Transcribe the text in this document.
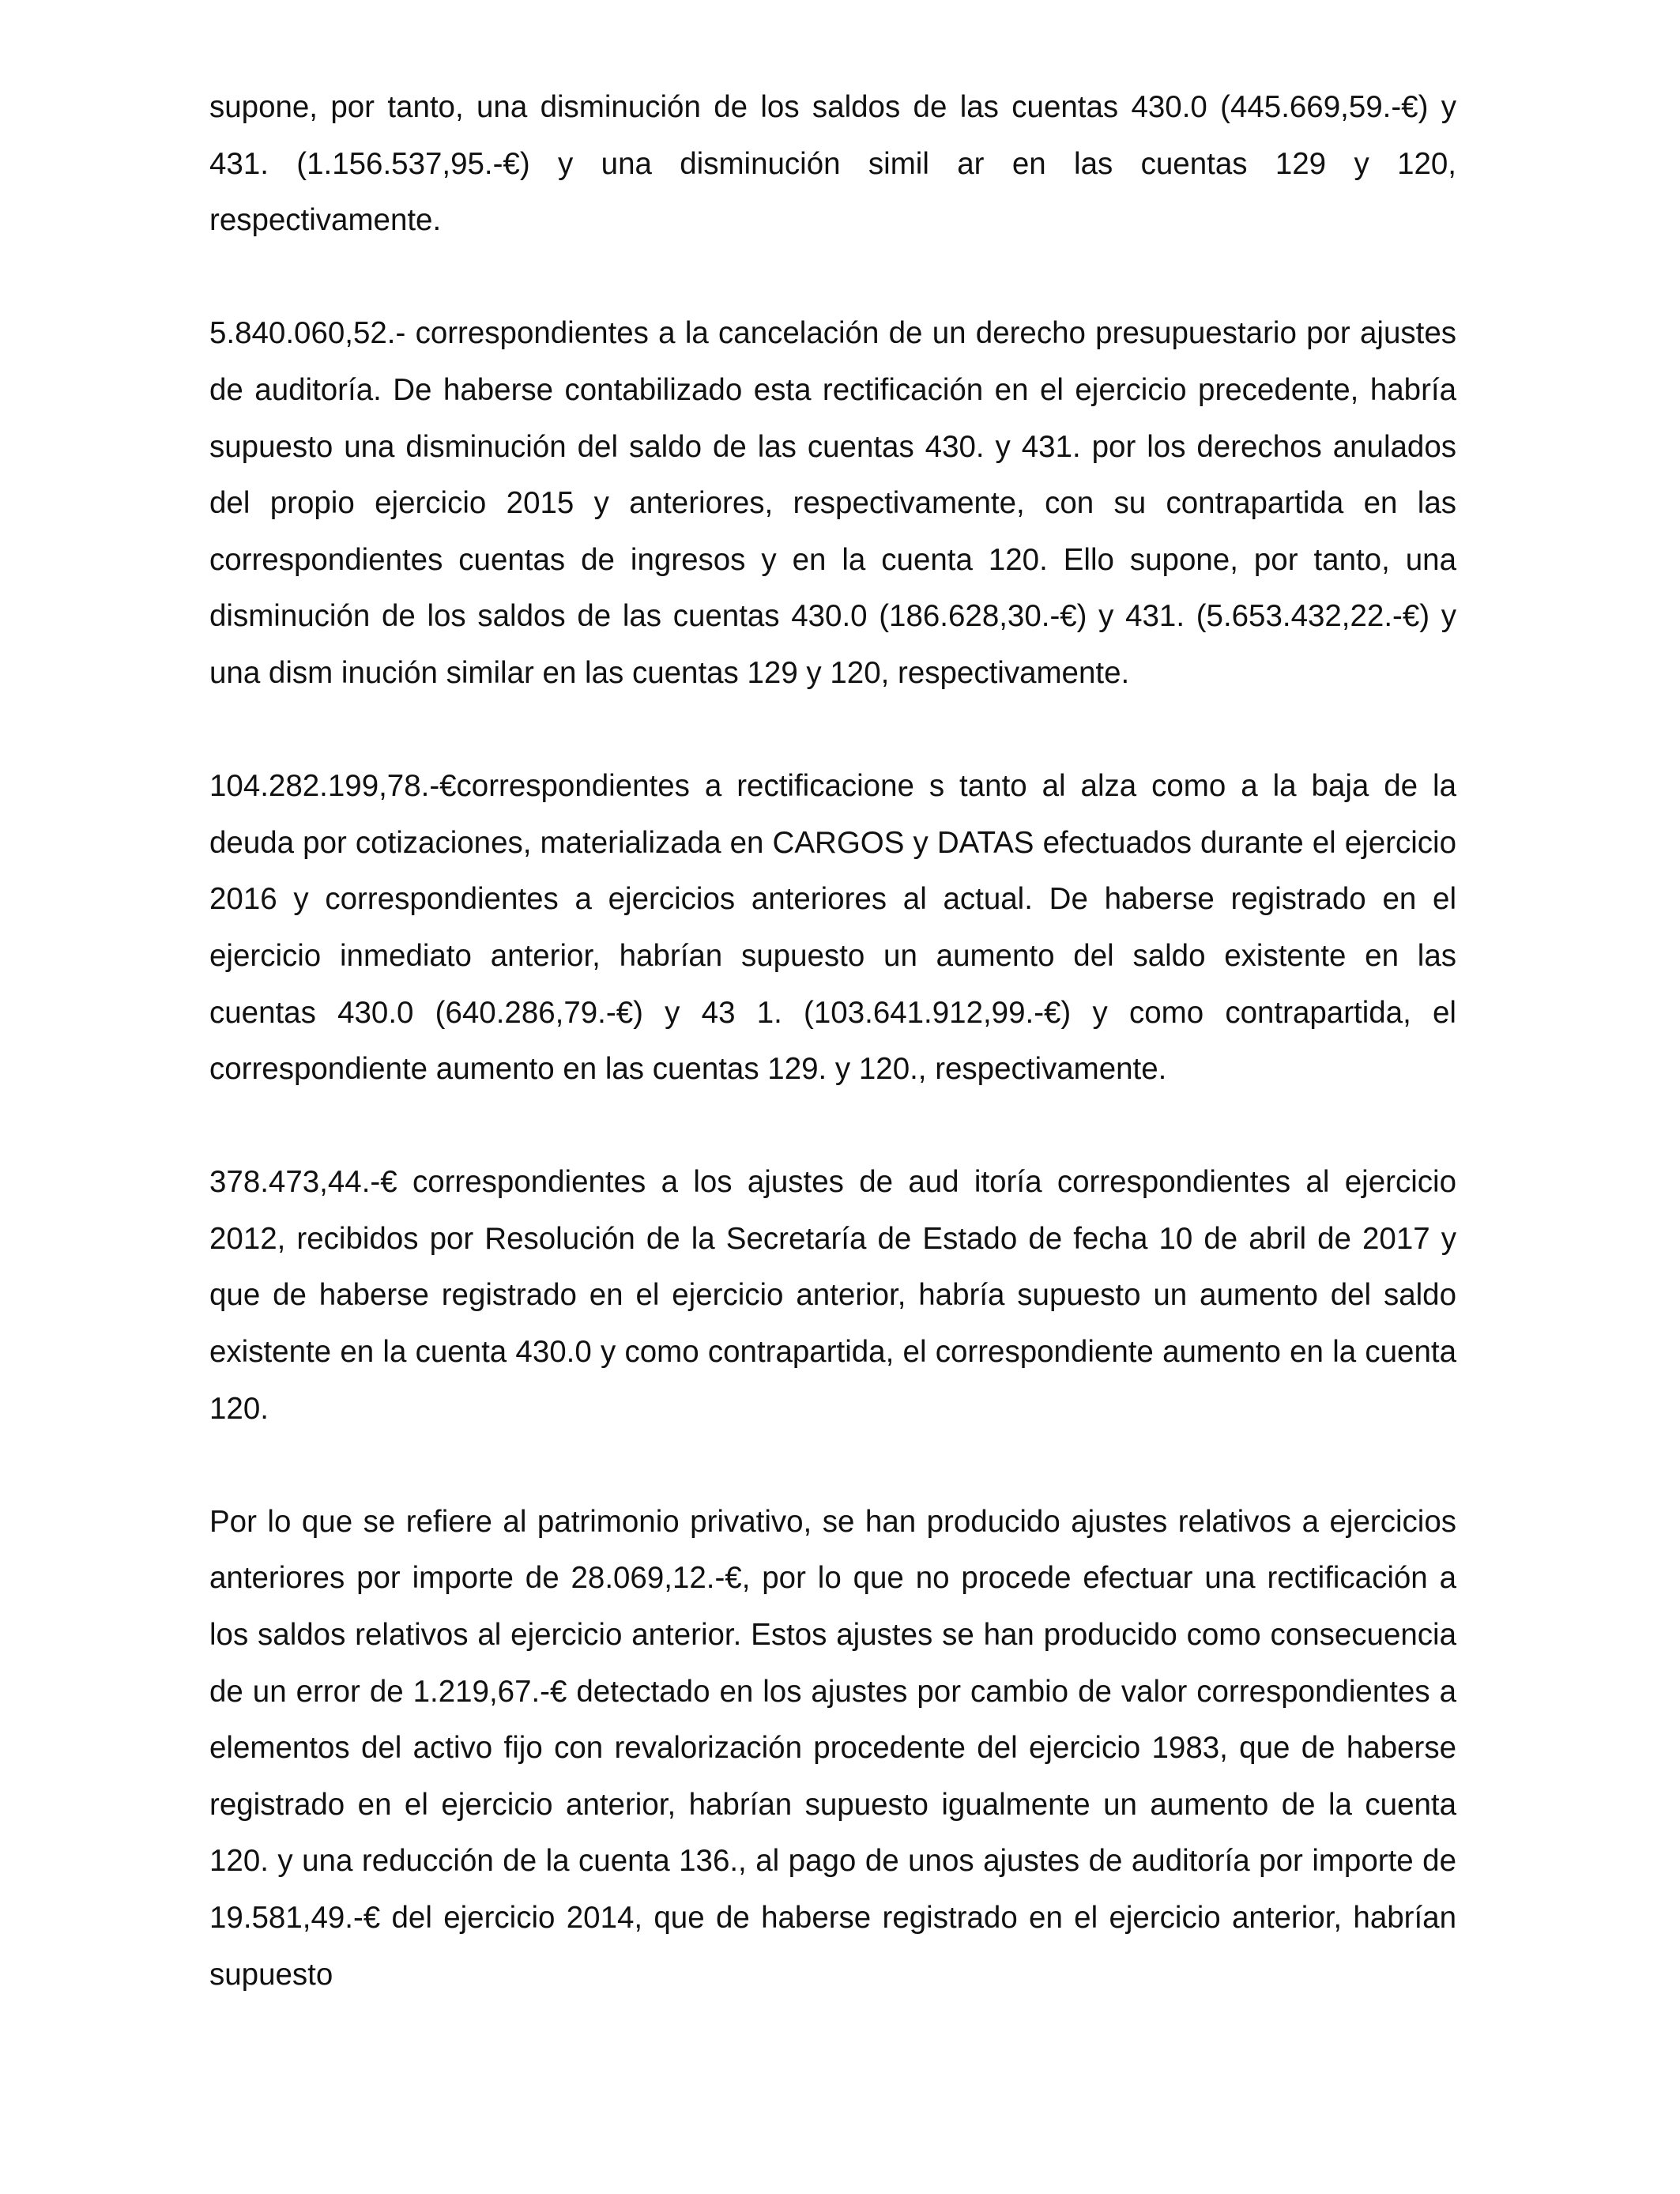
supone, por tanto, una disminución de los saldos de las cuentas 430.0 (445.669,59.-€) y 431. (1.156.537,95.-€) y una disminución simil ar en las cuentas 129 y 120, respectivamente.

5.840.060,52.- correspondientes a la cancelación de un derecho presupuestario por ajustes de auditoría. De haberse contabilizado esta rectificación en el ejercicio precedente, habría supuesto una disminución del saldo de las cuentas 430. y 431. por los derechos anulados del propio ejercicio 2015 y anteriores, respectivamente, con su contrapartida en las correspondientes cuentas de ingresos y en la cuenta 120. Ello supone, por tanto, una disminución de los saldos de las cuentas 430.0 (186.628,30.-€) y 431. (5.653.432,22.-€) y una dism inución similar en las cuentas 129 y 120, respectivamente.

104.282.199,78.-€correspondientes a rectificacione s tanto al alza como a la baja de la deuda por cotizaciones, materializada en CARGOS y DATAS efectuados durante el ejercicio 2016 y correspondientes a ejercicios anteriores al actual. De haberse registrado en el ejercicio inmediato anterior, habrían supuesto un aumento del saldo existente en las cuentas 430.0 (640.286,79.-€) y 43 1. (103.641.912,99.-€) y como contrapartida, el correspondiente aumento en las cuentas 129. y 120., respectivamente.

378.473,44.-€ correspondientes a los ajustes de aud itoría correspondientes al ejercicio 2012, recibidos por Resolución de la Secretaría de Estado de fecha 10 de abril de 2017 y que de haberse registrado en el ejercicio anterior, habría supuesto un aumento del saldo existente en la cuenta 430.0 y como contrapartida, el correspondiente aumento en la cuenta 120.

Por lo que se refiere al patrimonio privativo, se han producido ajustes relativos a ejercicios anteriores por importe de 28.069,12.-€, por lo que no procede efectuar una rectificación a los saldos relativos al ejercicio anterior. Estos ajustes se han producido como consecuencia de un error de 1.219,67.-€ detectado en los ajustes por cambio de valor correspondientes a elementos del activo fijo con revalorización procedente del ejercicio 1983, que de haberse registrado en el ejercicio anterior, habrían supuesto igualmente un aumento de la cuenta 120. y una reducción de la cuenta 136., al pago de unos ajustes de auditoría por importe de 19.581,49.-€ del ejercicio 2014, que de haberse registrado en el ejercicio anterior, habrían supuesto
